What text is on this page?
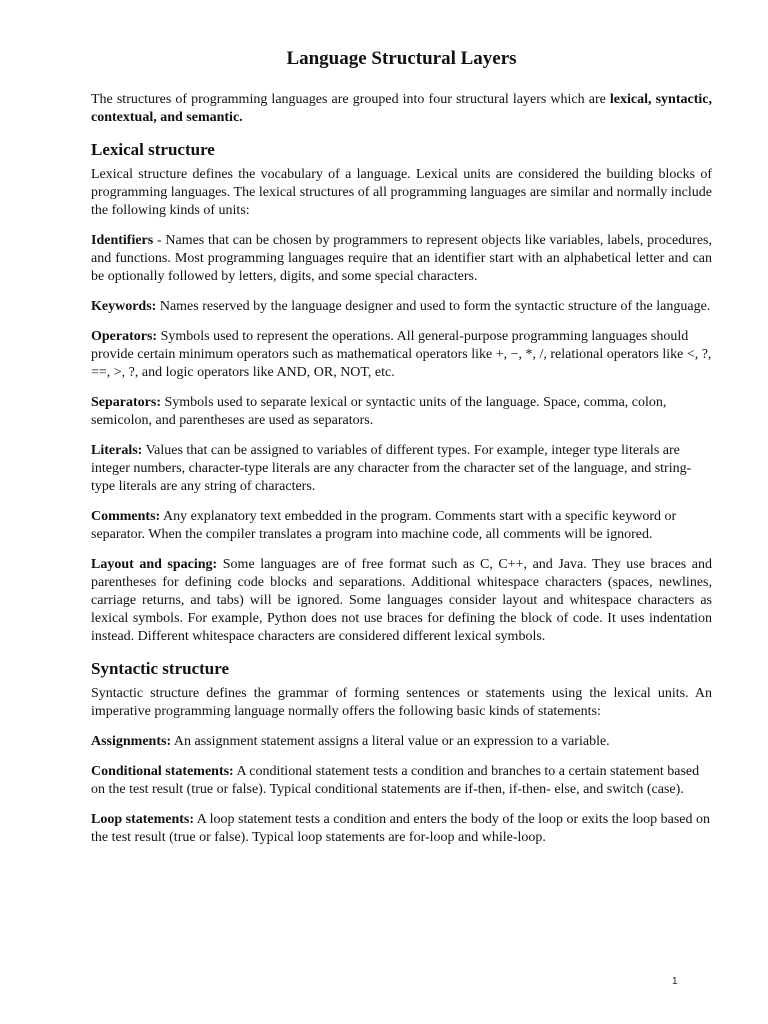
Language Structural Layers

The structures of programming languages are grouped into four structural layers which are lexical, syntactic, contextual, and semantic.

Lexical structure

Lexical structure defines the vocabulary of a language. Lexical units are considered the building blocks of programming languages. The lexical structures of all programming languages are similar and normally include the following kinds of units:

Identifiers - Names that can be chosen by programmers to represent objects like variables, labels, procedures, and functions. Most programming languages require that an identifier start with an alphabetical letter and can be optionally followed by letters, digits, and some special characters.

Keywords: Names reserved by the language designer and used to form the syntactic structure of the language.

Operators: Symbols used to represent the operations. All general-purpose programming languages should provide certain minimum operators such as mathematical operators like +, −, *, /, relational operators like <, ?, ==, >, ?, and logic operators like AND, OR, NOT, etc.

Separators: Symbols used to separate lexical or syntactic units of the language. Space, comma, colon, semicolon, and parentheses are used as separators.

Literals: Values that can be assigned to variables of different types. For example, integer type literals are integer numbers, character-type literals are any character from the character set of the language, and string-type literals are any string of characters.

Comments: Any explanatory text embedded in the program. Comments start with a specific keyword or separator. When the compiler translates a program into machine code, all comments will be ignored.

Layout and spacing: Some languages are of free format such as C, C++, and Java. They use braces and parentheses for defining code blocks and separations. Additional whitespace characters (spaces, newlines, carriage returns, and tabs) will be ignored. Some languages consider layout and whitespace characters as lexical symbols. For example, Python does not use braces for defining the block of code. It uses indentation instead. Different whitespace characters are considered different lexical symbols.

Syntactic structure

Syntactic structure defines the grammar of forming sentences or statements using the lexical units. An imperative programming language normally offers the following basic kinds of statements:

Assignments: An assignment statement assigns a literal value or an expression to a variable.

Conditional statements: A conditional statement tests a condition and branches to a certain statement based on the test result (true or false). Typical conditional statements are if-then, if-then- else, and switch (case).

Loop statements: A loop statement tests a condition and enters the body of the loop or exits the loop based on the test result (true or false). Typical loop statements are for-loop and while-loop.

1
